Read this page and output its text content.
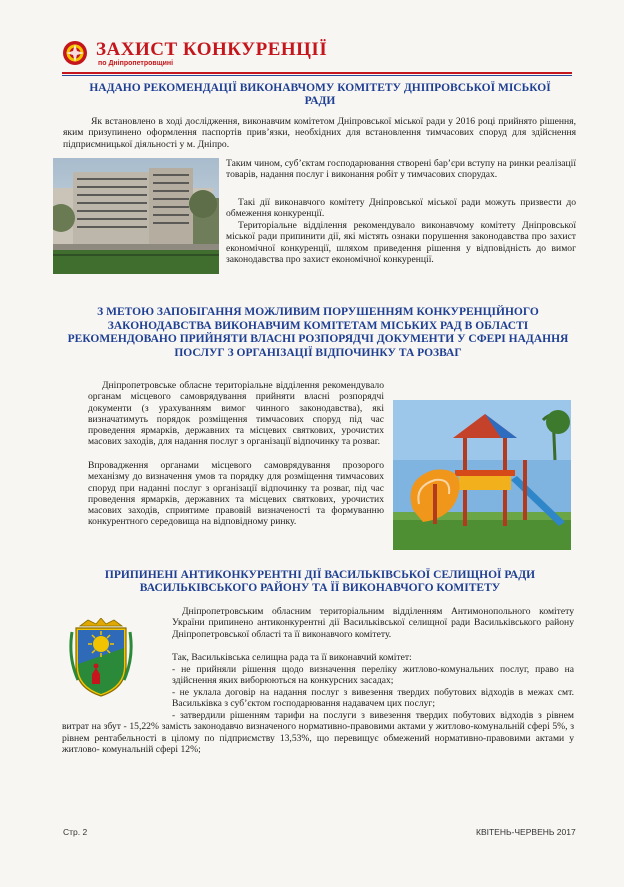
ЗАХИСТ КОНКУРЕНЦІЇ
по Дніпропетровщині
НАДАНО РЕКОМЕНДАЦІЇ ВИКОНАВЧОМУ КОМІТЕТУ ДНІПРОВСЬКОЇ МІСЬКОЇ РАДИ
Як встановлено в ході дослідження, виконавчим комітетом Дніпровської міської ради у 2016 році прийнято рішення, яким призупинено оформлення паспортів прив’язки, необхідних для встановлення тимчасових споруд для здійснення підприємницької діяльності у м. Дніпро.
Таким чином, суб’єктам господарювання створені бар’єри вступу на ринки реалізації товарів, надання послуг і виконання робіт у тимчасових спорудах.
Такі дії виконавчого комітету Дніпровської міської ради можуть призвести до обмеження конкуренції.
Територіальне відділення рекомендувало виконавчому комітету Дніпровської міської ради припинити дії, які містять ознаки порушення законодавства про захист економічної конкуренції, шляхом приведення рішення у відповідність до вимог законодавства про захист економічної конкуренції.
З МЕТОЮ ЗАПОБІГАННЯ МОЖЛИВИМ ПОРУШЕННЯМ КОНКУРЕНЦІЙНОГО ЗАКОНОДАВСТВА ВИКОНАВЧИМ КОМІТЕТАМ МІСЬКИХ РАД В ОБЛАСТІ РЕКОМЕНДОВАНО ПРИЙНЯТИ ВЛАСНІ РОЗПОРЯДЧІ ДОКУМЕНТИ У СФЕРІ НАДАННЯ ПОСЛУГ З ОРГАНІЗАЦІЇ ВІДПОЧИНКУ ТА РОЗВАГ
Дніпропетровське обласне територіальне відділення рекомендувало органам місцевого самоврядування прийняти власні розпорядчі документи (з урахуванням вимог чинного законодавства), які визначатимуть порядок розміщення тимчасових споруд під час проведення ярмарків, державних та місцевих святкових, урочистих масових заходів, для надання послуг з організації відпочинку та розваг.
Впровадження органами місцевого самоврядування прозорого механізму до визначення умов та порядку для розміщення тимчасових споруд при наданні послуг з організації відпочинку та розваг, під час проведення ярмарків, державних та місцевих святкових, урочистих масових заходів, сприятиме правовій визначеності та формуванню конкурентного середовища на відповідному ринку.
ПРИПИНЕНІ АНТИКОНКУРЕНТНІ ДІЇ ВАСИЛЬКІВСЬКОЇ СЕЛИЩНОЇ РАДИ ВАСИЛЬКІВСЬКОГО РАЙОНУ ТА ЇЇ ВИКОНАВЧОГО КОМІТЕТУ
Дніпропетровським обласним територіальним відділенням Антимонопольного комітету України припинено антиконкурентні дії Васильківської селищної ради Васильківського району Дніпропетровської області та її виконавчого комітету.
Так, Васильківська селищна рада та її виконавчий комітет:
- не прийняли рішення щодо визначення переліку житлово-комунальних послуг, право на здійснення яких виборюються на конкурсних засадах;
- не уклала договір на надання послуг з вивезення твердих побутових відходів в межах смт. Васильківка з суб’єктом господарювання надавачем цих послуг;
- затвердили рішенням тарифи на послуги з вивезення твердих побутових відходів з рівнем витрат на збут - 15,22% замість законодавчо визначеного нормативно-правовими актами у житлово-комунальній сфері 5%, з рівнем рентабельності в цілому по підприємству 13,53%, що перевищує обмежений нормативно-правовими актами у житлово- комунальній сфері 12%;
Стр. 2	КВІТЕНЬ-ЧЕРВЕНЬ 2017
